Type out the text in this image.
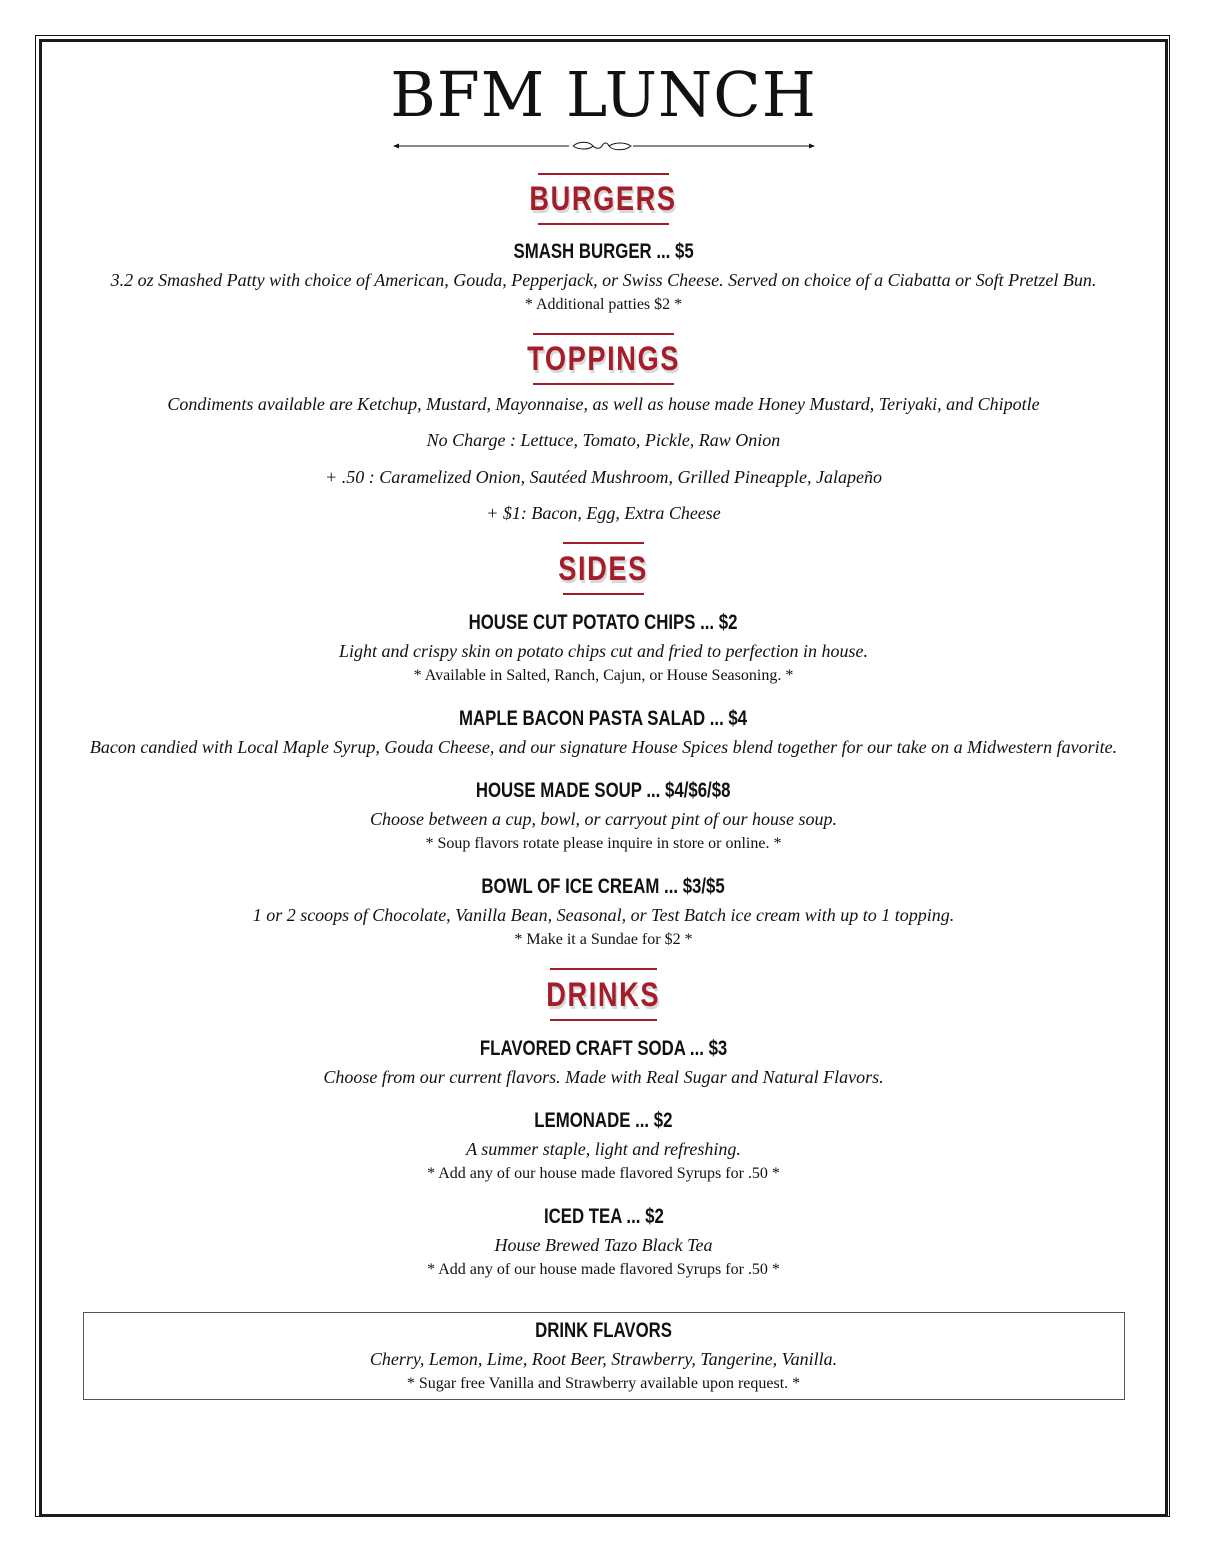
BFM LUNCH
BURGERS
SMASH BURGER ... $5
3.2 oz Smashed Patty with choice of American, Gouda, Pepperjack, or Swiss Cheese. Served on choice of a Ciabatta or Soft Pretzel Bun.
* Additional patties $2 *
TOPPINGS
Condiments available are Ketchup, Mustard, Mayonnaise, as well as house made Honey Mustard, Teriyaki, and Chipotle
No Charge : Lettuce, Tomato, Pickle, Raw Onion
+ .50 : Caramelized Onion, Sautéed Mushroom, Grilled Pineapple, Jalapeño
+ $1: Bacon, Egg, Extra Cheese
SIDES
HOUSE CUT POTATO CHIPS ... $2
Light and crispy skin on potato chips cut and fried to perfection in house.
* Available in Salted, Ranch, Cajun, or House Seasoning. *
MAPLE BACON PASTA SALAD ... $4
Bacon candied with Local Maple Syrup, Gouda Cheese, and our signature House Spices blend together for our take on a Midwestern favorite.
HOUSE MADE SOUP ... $4/$6/$8
Choose between a cup, bowl, or carryout pint of our house soup.
* Soup flavors rotate please inquire in store or online. *
BOWL OF ICE CREAM ... $3/$5
1 or 2 scoops of Chocolate, Vanilla Bean, Seasonal, or Test Batch ice cream with up to 1 topping.
* Make it a Sundae for $2 *
DRINKS
FLAVORED CRAFT SODA ... $3
Choose from our current flavors. Made with Real Sugar and Natural Flavors.
LEMONADE ... $2
A summer staple, light and refreshing.
* Add any of our house made flavored Syrups for .50 *
ICED TEA ... $2
House Brewed Tazo Black Tea
* Add any of our house made flavored Syrups for .50 *
DRINK FLAVORS
Cherry, Lemon, Lime, Root Beer, Strawberry, Tangerine, Vanilla.
* Sugar free Vanilla and Strawberry available upon request. *
